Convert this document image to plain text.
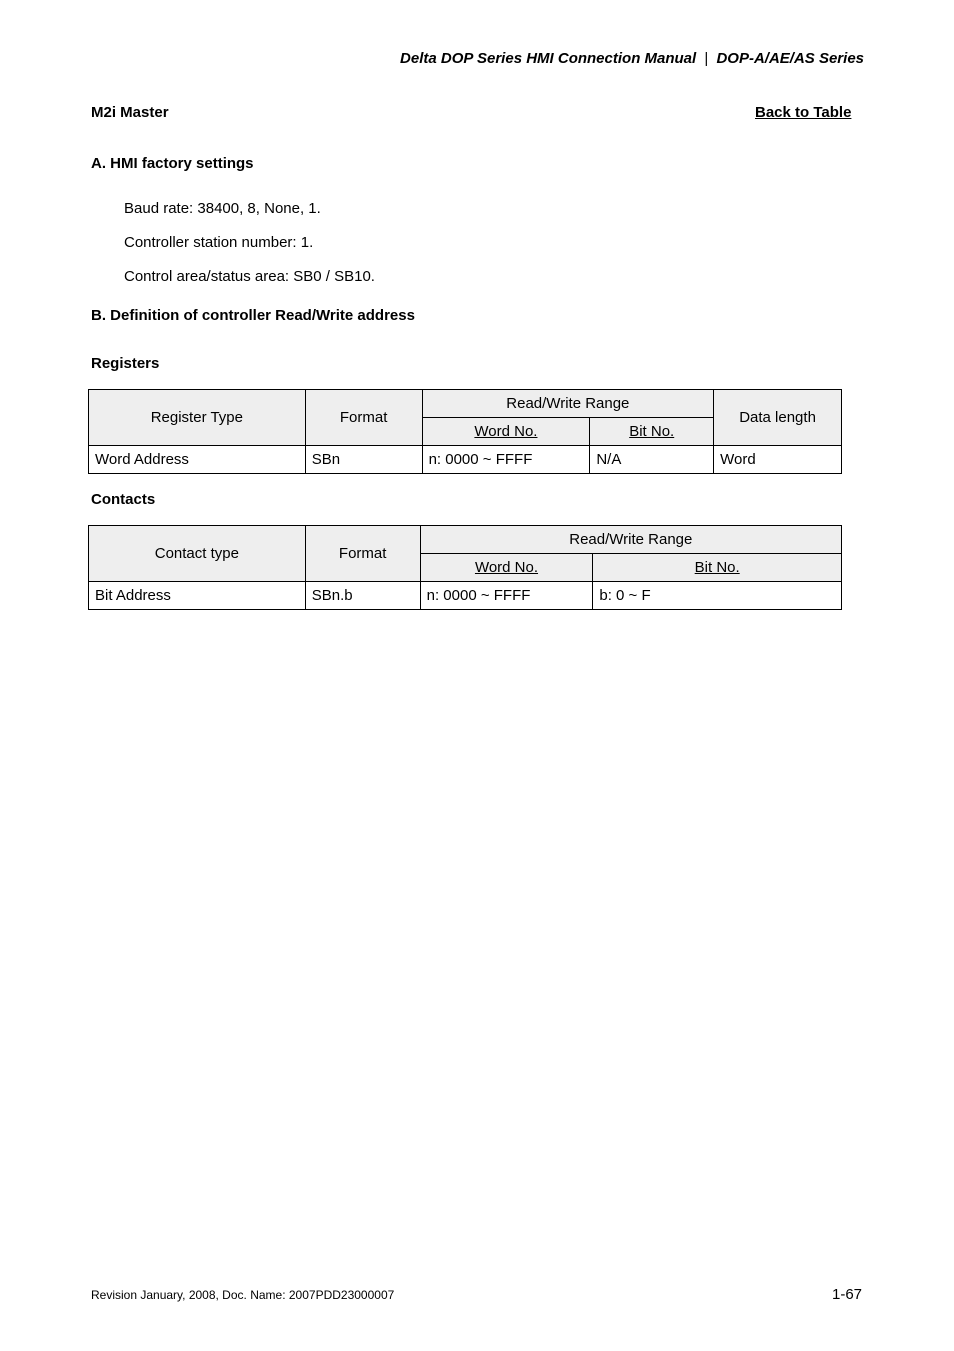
Delta DOP Series HMI Connection Manual | DOP-A/AE/AS Series
M2i Master	Back to Table
A. HMI factory settings
Baud rate: 38400, 8, None, 1.
Controller station number: 1.
Control area/status area: SB0 / SB10.
B. Definition of controller Read/Write address
Registers
Register Type	Format	Read/Write Range		Data length
		Word No.	Bit No.	
Word Address	SBn	n: 0000 ~ FFFF	N/A	Word
Contacts
Contact type	Format	Read/Write Range	
		Word No.	Bit No.
Bit Address	SBn.b	n: 0000 ~ FFFF	b: 0 ~ F
Revision January, 2008, Doc. Name: 2007PDD23000007	1-67
